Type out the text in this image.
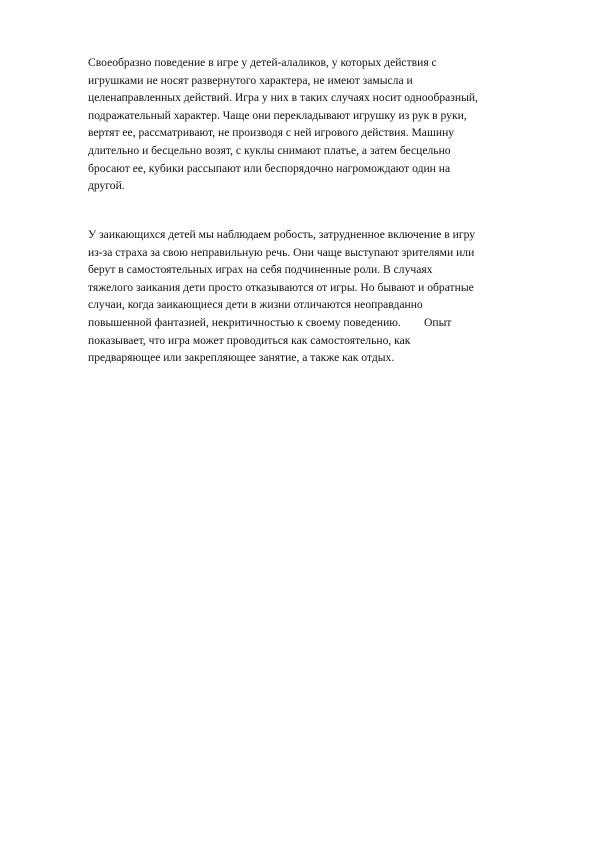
Своеобразно поведение в игре у детей-алаликов, у которых действия с
игрушками не носят развернутого характера, не имеют замысла и
целенаправленных действий. Игра у них в таких случаях носит однообразный,
подражательный характер. Чаще они перекладывают игрушку из рук в руки,
вертят ее, рассматривают, не производя с ней игрового действия. Машину
длительно и бесцельно возят, с куклы снимают платье, а затем бесцельно
бросают ее, кубики рассыпают или беспорядочно нагромождают один на
другой.
У заикающихся детей мы наблюдаем робость, затрудненное включение в игру
из-за страха за свою неправильную речь. Они чаще выступают зрителями или
берут в самостоятельных играх на себя подчиненные роли. В случаях
тяжелого заикания дети просто отказываются от игры. Но бывают и обратные
случаи, когда заикающиеся дети в жизни отличаются неоправданно
повышенной фантазией, некритичностью к своему поведению.        Опыт
показывает, что игра может проводиться как самостоятельно, как
предваряющее или закрепляющее занятие, а также как отдых.
